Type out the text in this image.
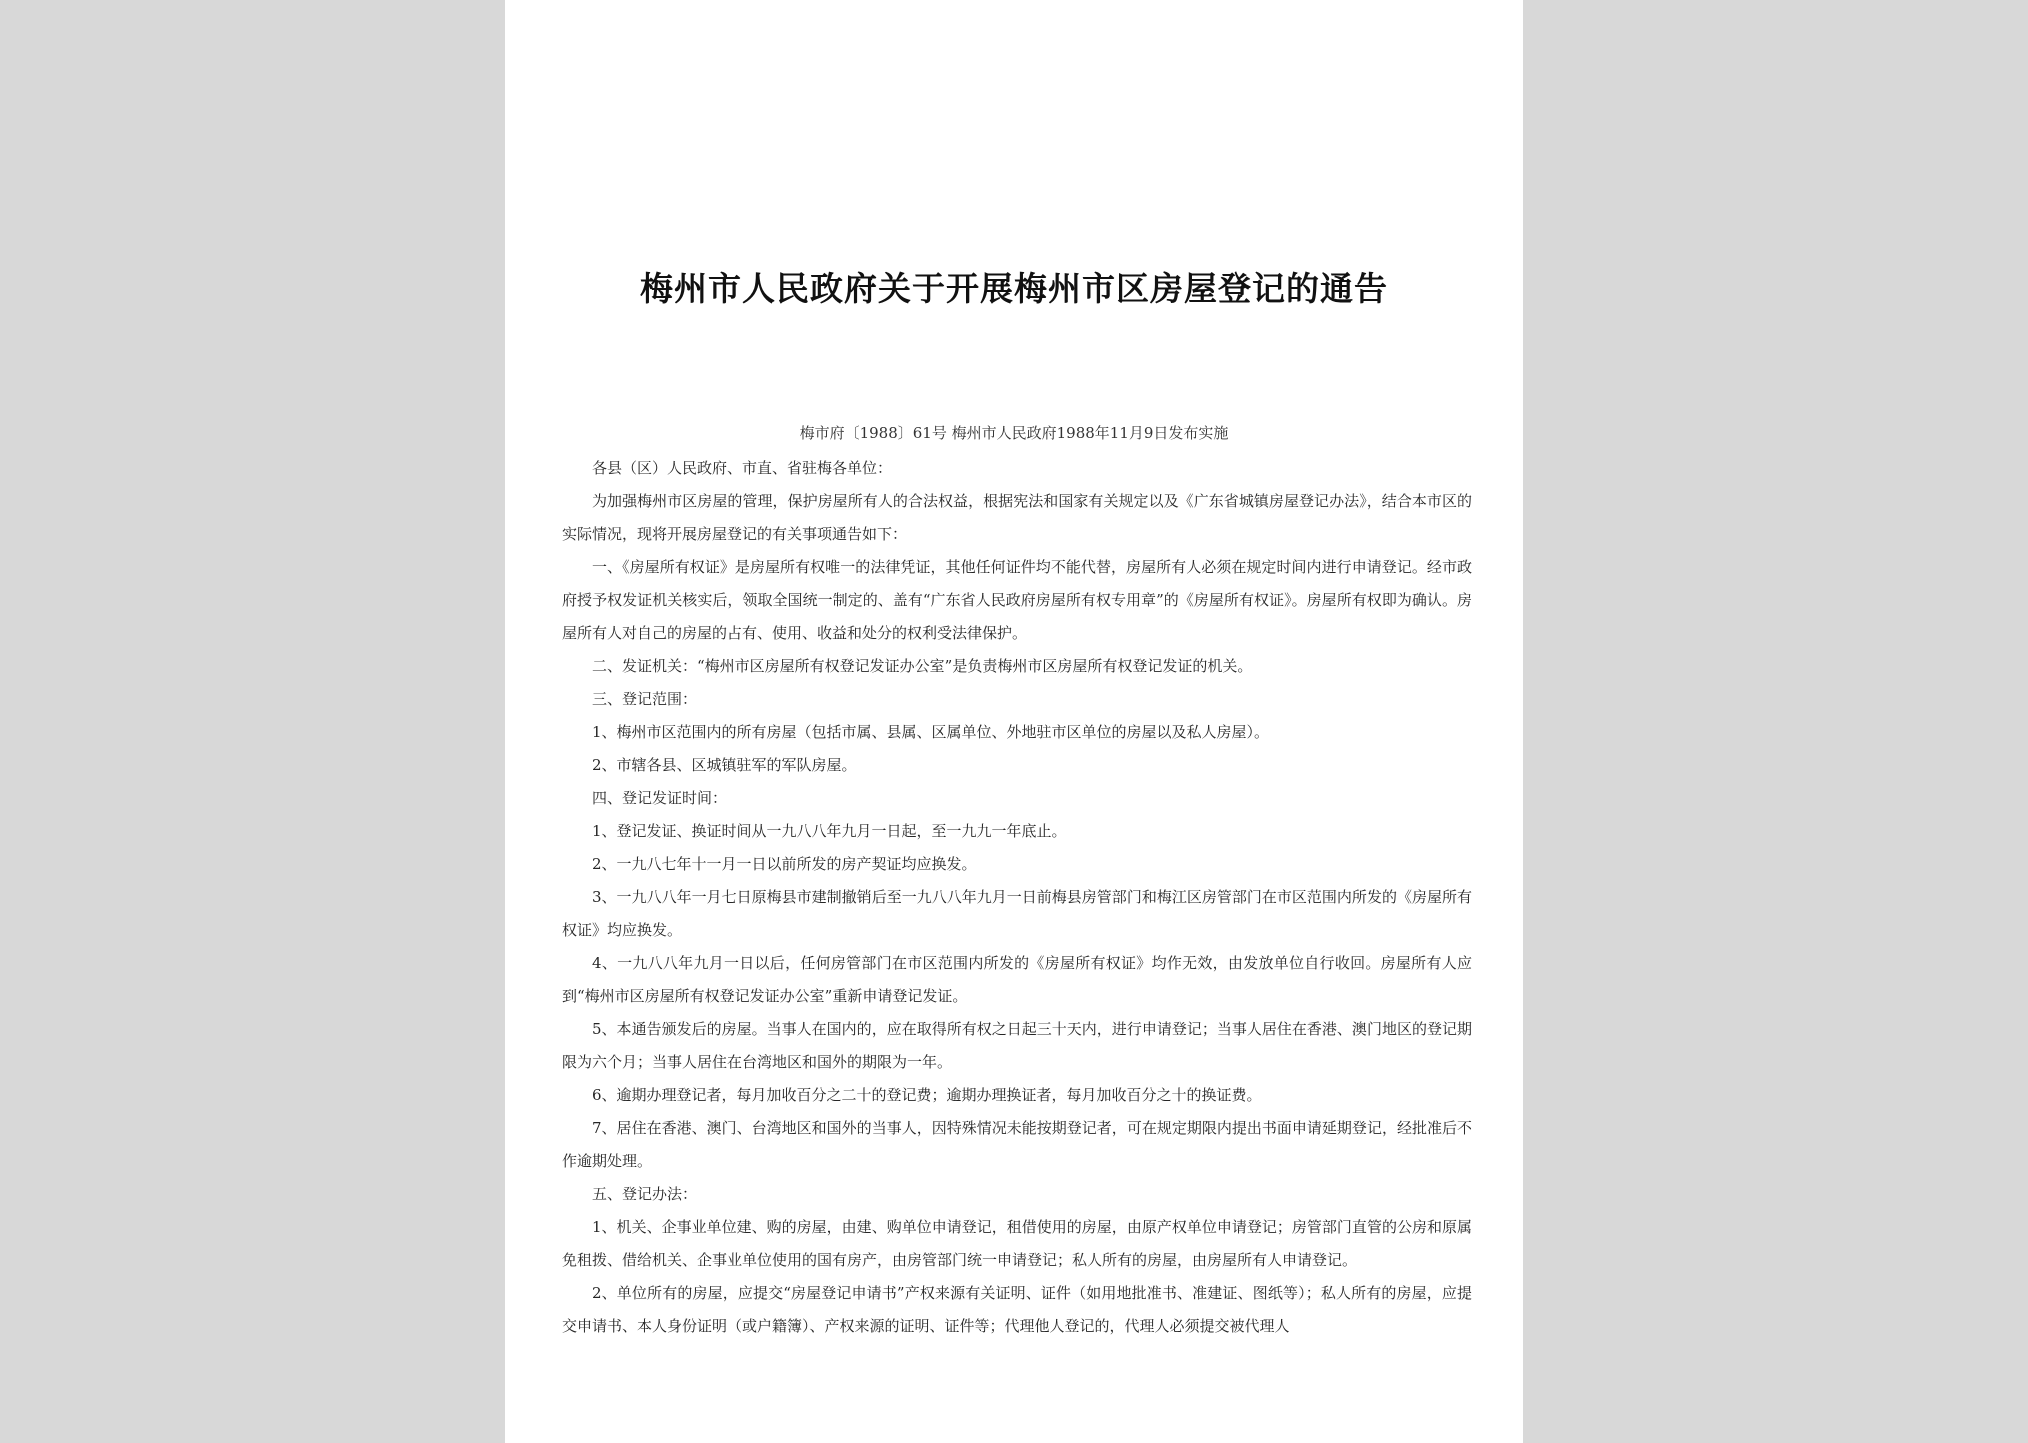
梅州市人民政府关于开展梅州市区房屋登记的通告
梅市府〔1988〕61号 梅州市人民政府1988年11月9日发布实施

各县（区）人民政府、市直、省驻梅各单位：

为加强梅州市区房屋的管理，保护房屋所有人的合法权益，根据宪法和国家有关规定以及《广东省城镇房屋登记办法》，结合本市区的实际情况，现将开展房屋登记的有关事项通告如下：

一、《房屋所有权证》是房屋所有权唯一的法律凭证，其他任何证件均不能代替，房屋所有人必须在规定时间内进行申请登记。经市政府授予权发证机关核实后，领取全国统一制定的、盖有“广东省人民政府房屋所有权专用章”的《房屋所有权证》。房屋所有权即为确认。房屋所有人对自己的房屋的占有、使用、收益和处分的权利受法律保护。

二、发证机关：“梅州市区房屋所有权登记发证办公室”是负责梅州市区房屋所有权登记发证的机关。

三、登记范围：

1、梅州市区范围内的所有房屋（包括市属、县属、区属单位、外地驻市区单位的房屋以及私人房屋）。

2、市辖各县、区城镇驻军的军队房屋。

四、登记发证时间：

1、登记发证、换证时间从一九八八年九月一日起，至一九九一年底止。

2、一九八七年十一月一日以前所发的房产契证均应换发。

3、一九八八年一月七日原梅县市建制撤销后至一九八八年九月一日前梅县房管部门和梅江区房管部门在市区范围内所发的《房屋所有权证》均应换发。

4、一九八八年九月一日以后，任何房管部门在市区范围内所发的《房屋所有权证》均作无效，由发放单位自行收回。房屋所有人应到“梅州市区房屋所有权登记发证办公室”重新申请登记发证。

5、本通告颁发后的房屋。当事人在国内的，应在取得所有权之日起三十天内，进行申请登记；当事人居住在香港、澳门地区的登记期限为六个月；当事人居住在台湾地区和国外的期限为一年。

6、逾期办理登记者，每月加收百分之二十的登记费；逾期办理换证者，每月加收百分之十的换证费。

7、居住在香港、澳门、台湾地区和国外的当事人，因特殊情况未能按期登记者，可在规定期限内提出书面申请延期登记，经批准后不作逾期处理。

五、登记办法：

1、机关、企事业单位建、购的房屋，由建、购单位申请登记，租借使用的房屋，由原产权单位申请登记；房管部门直管的公房和原属免租拨、借给机关、企事业单位使用的国有房产，由房管部门统一申请登记；私人所有的房屋，由房屋所有人申请登记。

2、单位所有的房屋，应提交“房屋登记申请书”产权来源有关证明、证件（如用地批准书、准建证、图纸等）；私人所有的房屋，应提交申请书、本人身份证明（或户籍簿）、产权来源的证明、证件等；代理他人登记的，代理人必须提交被代理人
